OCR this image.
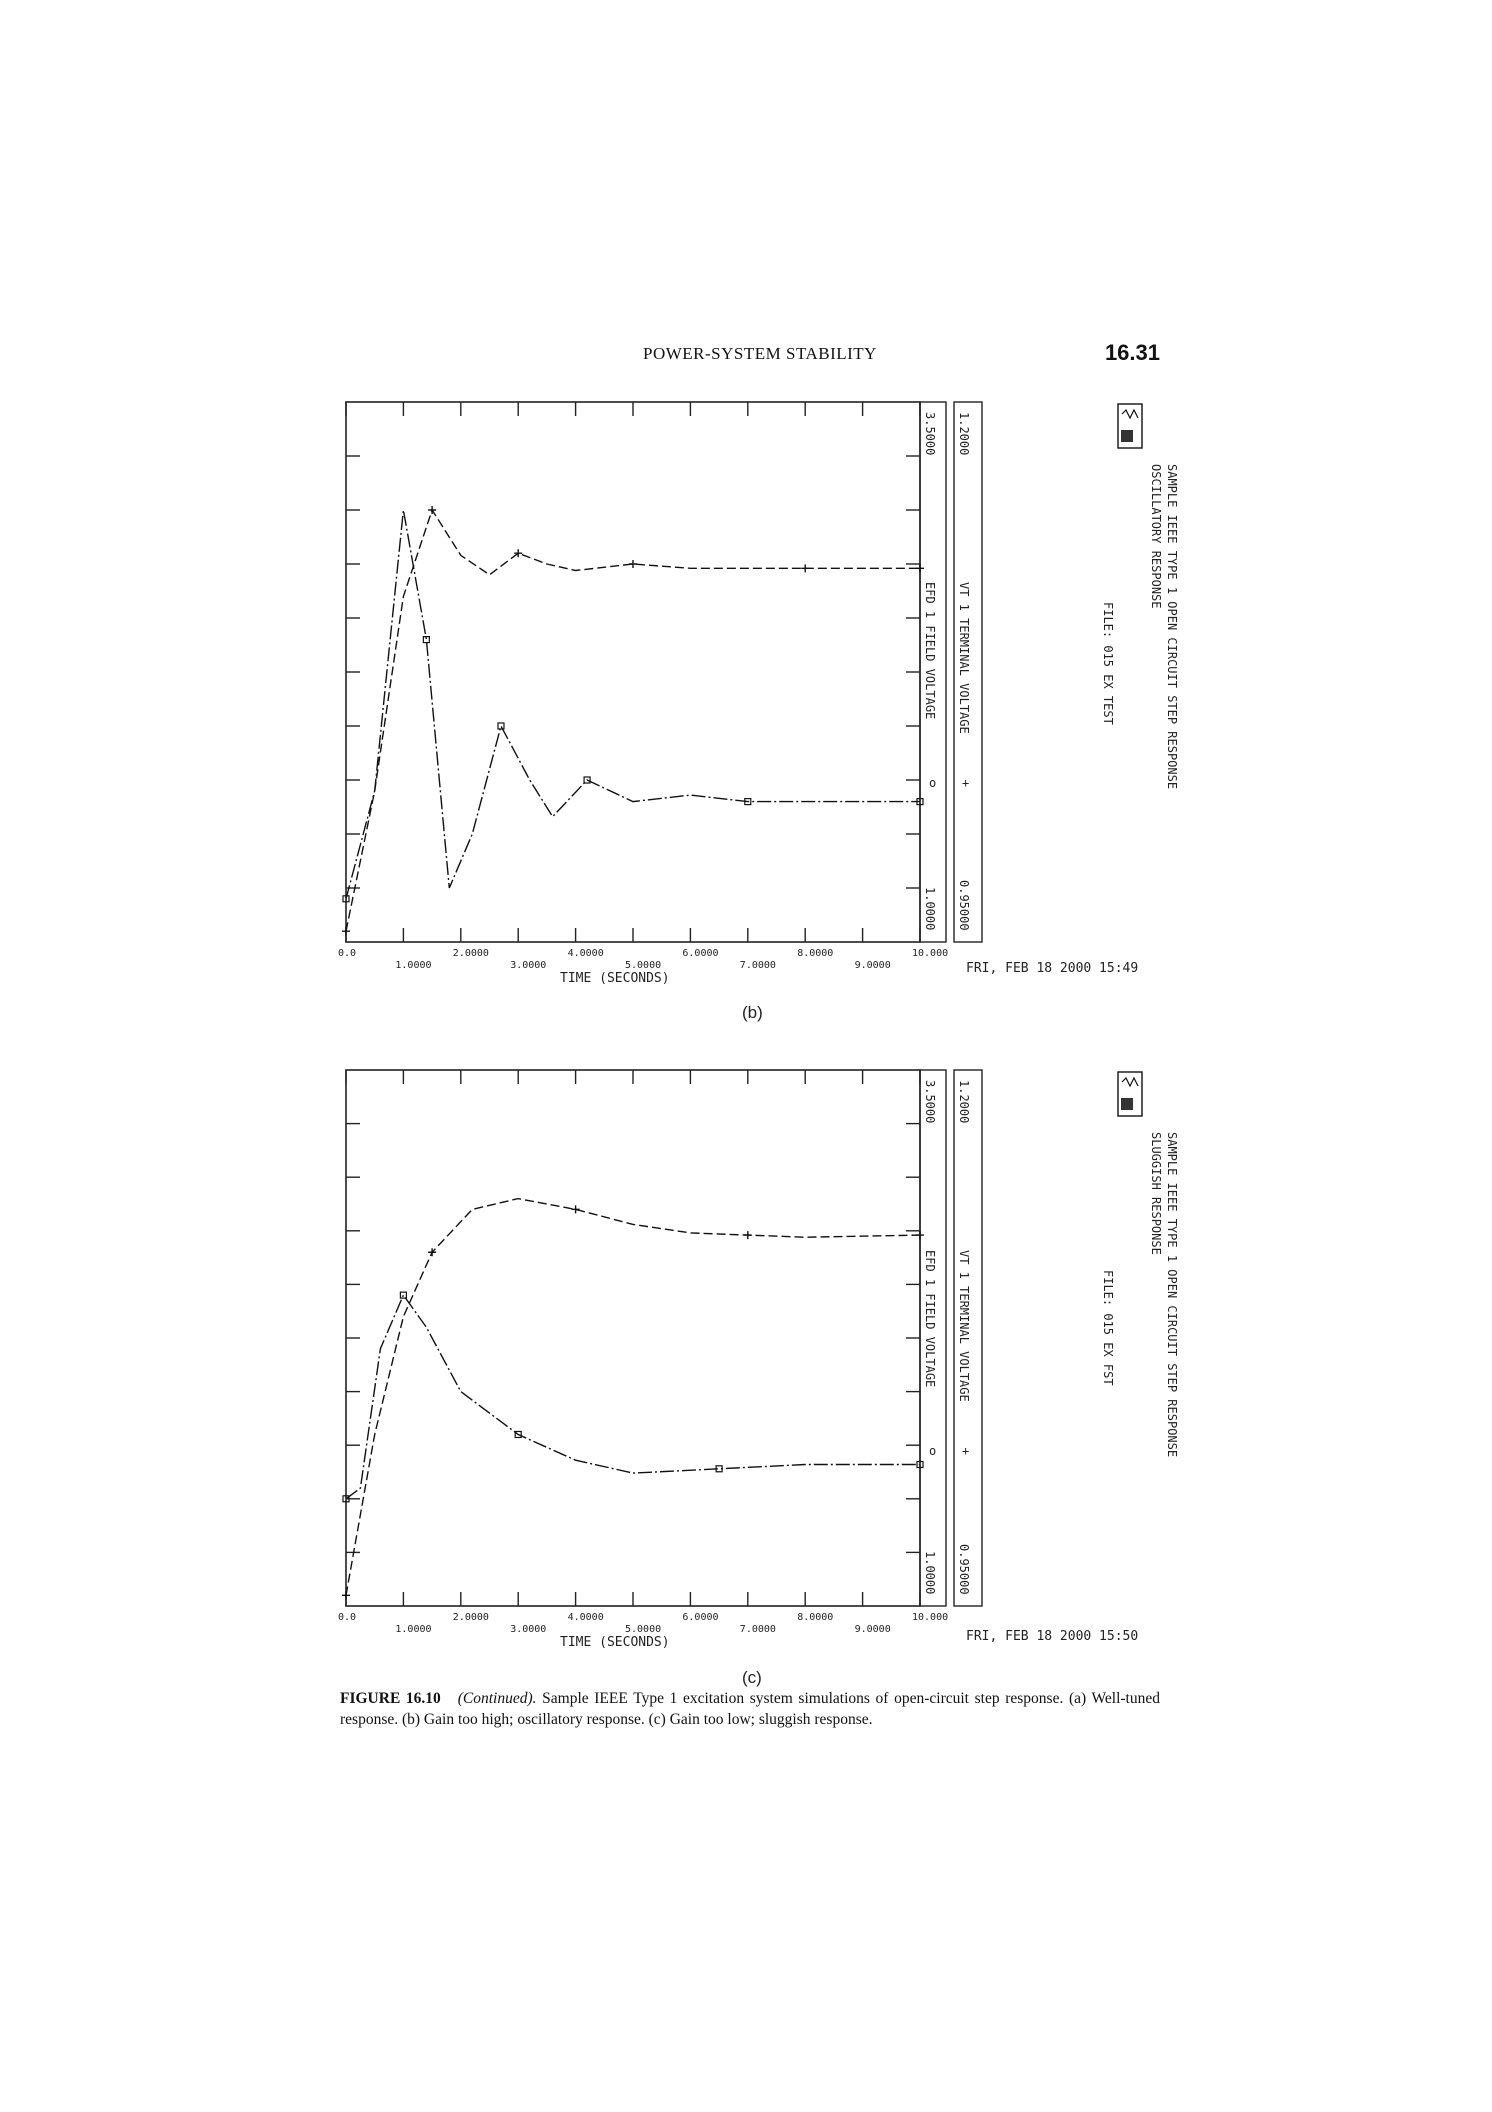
POWER-SYSTEM STABILITY	16.31
0.0
1.0000
2.0000
3.0000
4.0000
5.0000
6.0000
7.0000
8.0000
9.0000
10.000
TIME (SECONDS)
3.5000
1.0000
EFD 1 FIELD VOLTAGE
1.2000
0.95000
VT 1 TERMINAL VOLTAGE
o +
FRI, FEB 18 2000 15:49
SAMPLE IEEE TYPE 1 OPEN CIRCUIT STEP RESPONSE
OSCILLATORY RESPONSE
FILE: 015 EX TEST
(b)
0.0
1.0000
2.0000
3.0000
4.0000
5.0000
6.0000
7.0000
8.0000
9.0000
10.000
TIME (SECONDS)
3.5000
1.0000
EFD 1 FIELD VOLTAGE
1.2000
0.95000
VT 1 TERMINAL VOLTAGE
o +
FRI, FEB 18 2000 15:50
SAMPLE IEEE TYPE 1 OPEN CIRCUIT STEP RESPONSE
SLUGGISH RESPONSE
FILE: 015 EX FST
(c)
FIGURE 16.10 (Continued). Sample IEEE Type 1 excitation system simulations of open-circuit step response. (a) Well-tuned response. (b) Gain too high; oscillatory response. (c) Gain too low; sluggish response.
